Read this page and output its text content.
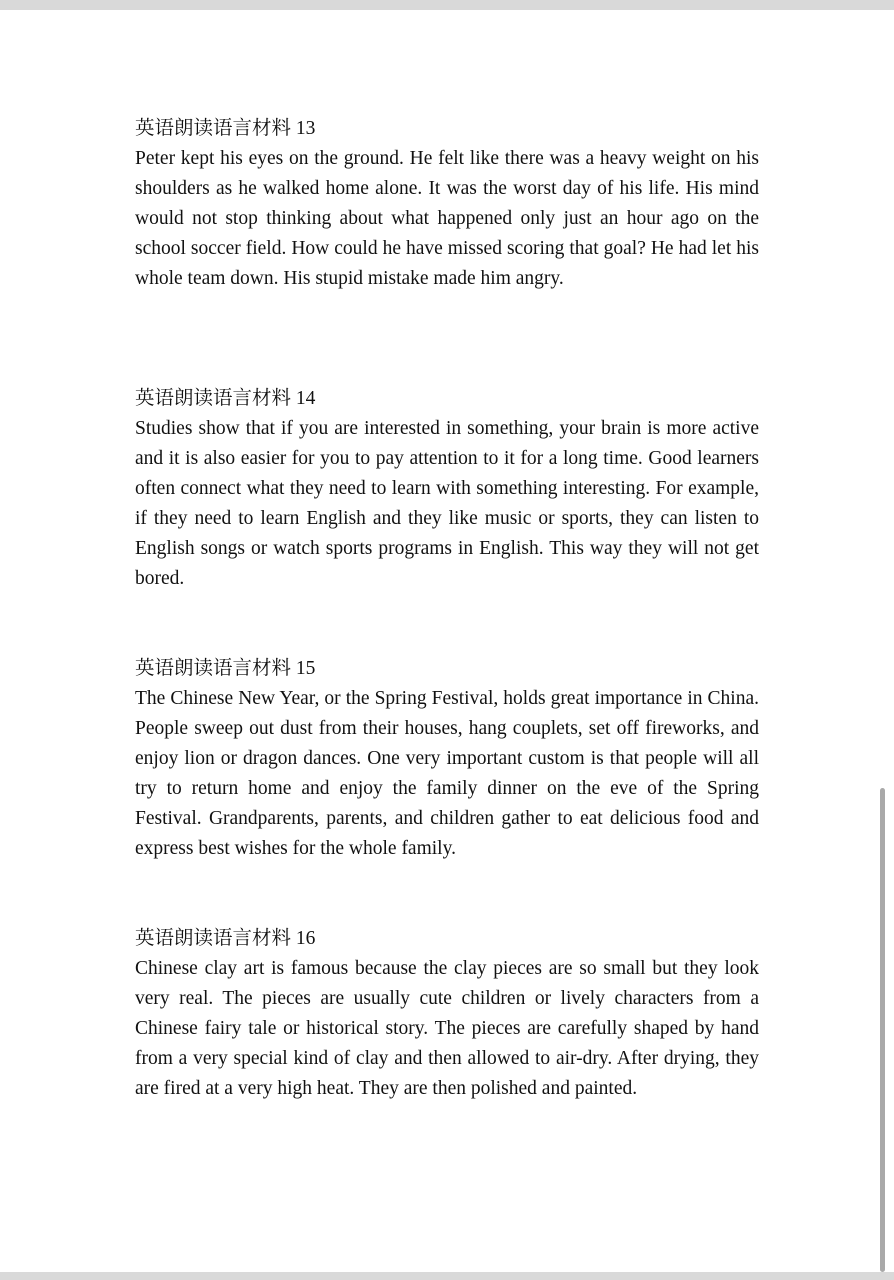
英语朗读语言材料 13

Peter kept his eyes on the ground. He felt like there was a heavy weight on his shoulders as he walked home alone. It was the worst day of his life. His mind would not stop thinking about what happened only just an hour ago on the school soccer field. How could he have missed scoring that goal? He had let his whole team down. His stupid mistake made him angry.

英语朗读语言材料 14

Studies show that if you are interested in something, your brain is more active and it is also easier for you to pay attention to it for a long time. Good learners often connect what they need to learn with something interesting. For example, if they need to learn English and they like music or sports, they can listen to English songs or watch sports programs in English. This way they will not get bored.

英语朗读语言材料 15

The Chinese New Year, or the Spring Festival, holds great importance in China. People sweep out dust from their houses, hang couplets, set off fireworks, and enjoy lion or dragon dances. One very important custom is that people will all try to return home and enjoy the family dinner on the eve of the Spring Festival. Grandparents, parents, and children gather to eat delicious food and express best wishes for the whole family.

英语朗读语言材料 16

Chinese clay art is famous because the clay pieces are so small but they look very real. The pieces are usually cute children or lively characters from a Chinese fairy tale or historical story. The pieces are carefully shaped by hand from a very special kind of clay and then allowed to air-dry. After drying, they are fired at a very high heat. They are then polished and painted.
